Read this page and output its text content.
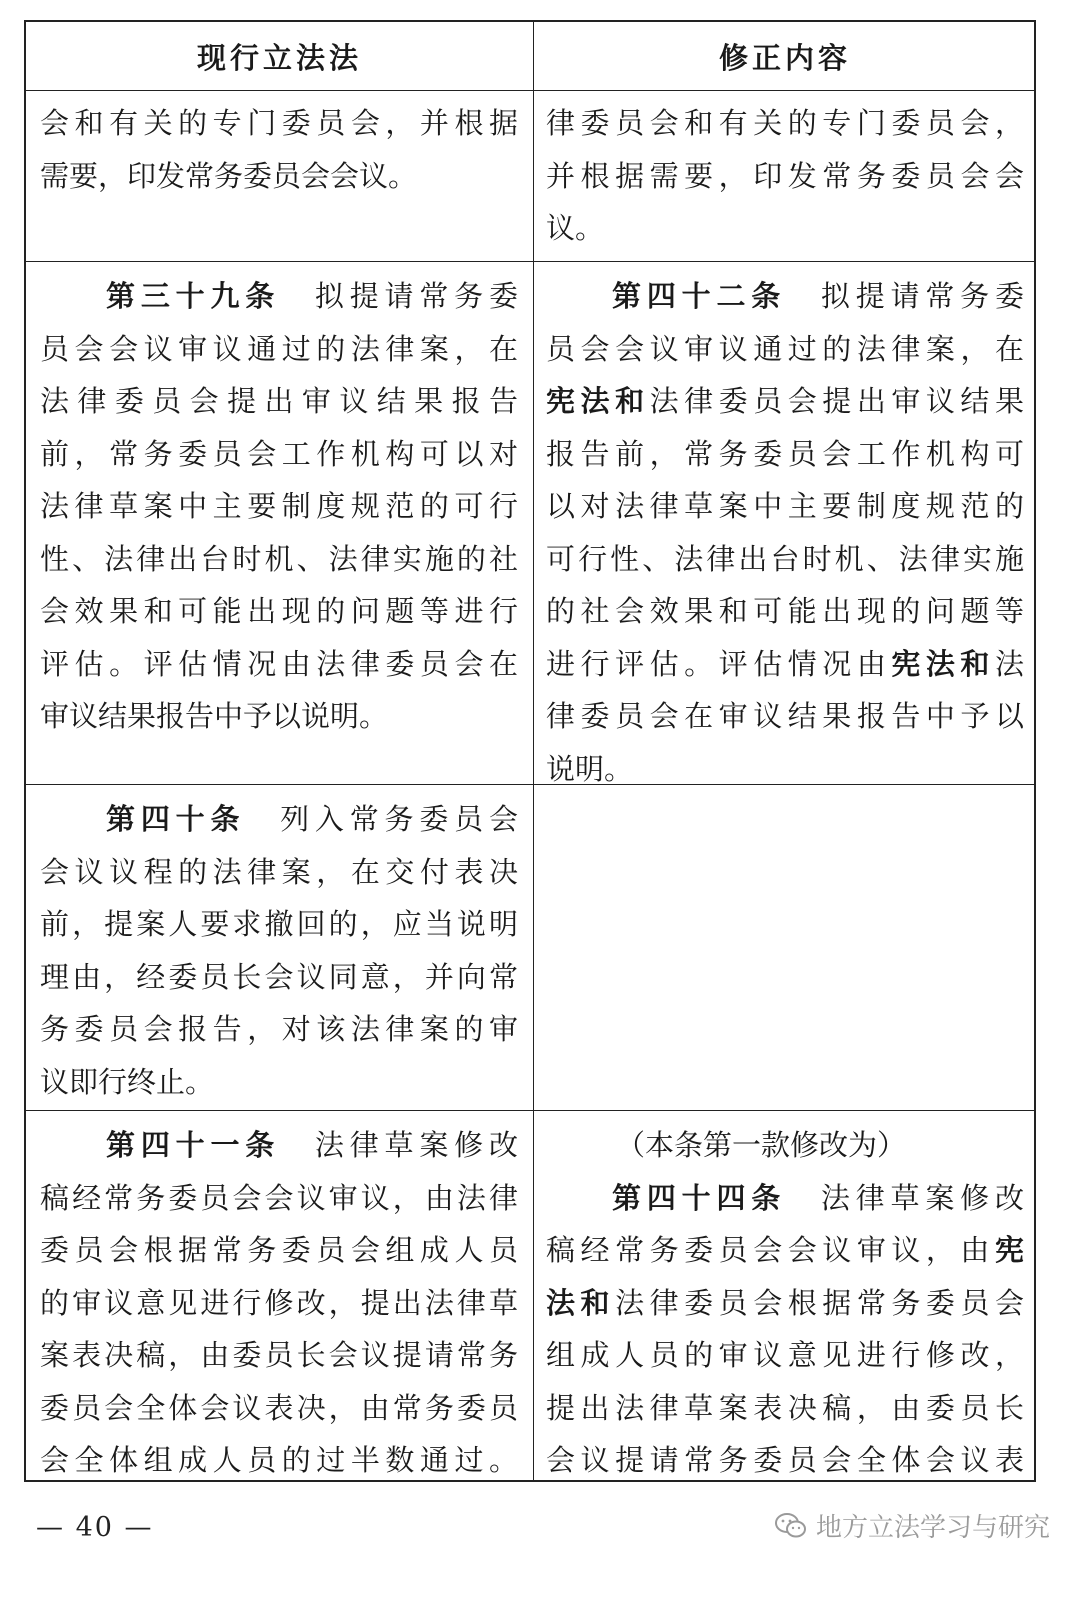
现行立法法	修正内容
会和有关的专门委员会，并根据
需要，印发常务委员会会议。
律委员会和有关的专门委员会，
并根据需要，印发常务委员会会
议。
第三十九条　 拟提请常务委
员会会议审议通过的法律案，在
法律委员会提出审议结果报告
前，常务委员会工作机构可以对
法律草案中主要制度规范的可行
性、法律出台时机、法律实施的社
会效果和可能出现的问题等进行
评估。评估情况由法律委员会在
审议结果报告中予以说明。
第四十二条　 拟提请常务委
员会会议审议通过的法律案，在
宪法和法律委员会提出审议结果
报告前，常务委员会工作机构可
以对法律草案中主要制度规范的
可行性、法律出台时机、法律实施
的社会效果和可能出现的问题等
进行评估。评估情况由宪法和法
律委员会在审议结果报告中予以
说明。
第四十条　 列入常务委员会
会议议程的法律案，在交付表决
前，提案人要求撤回的，应当说明
理由，经委员长会议同意，并向常
务委员会报告，对该法律案的审
议即行终止。
第四十一条　 法律草案修改
稿经常务委员会会议审议，由法律
委员会根据常务委员会组成人员
的审议意见进行修改，提出法律草
案表决稿，由委员长会议提请常务
委员会全体会议表决，由常务委员
会全体组成人员的过半数通过。
（本条第一款修改为）
第四十四条　 法律草案修改
稿经常务委员会会议审议，由宪
法和法律委员会根据常务委员会
组成人员的审议意见进行修改，
提出法律草案表决稿，由委员长
会议提请常务委员会全体会议表
— 40 —	地方立法学习与研究
